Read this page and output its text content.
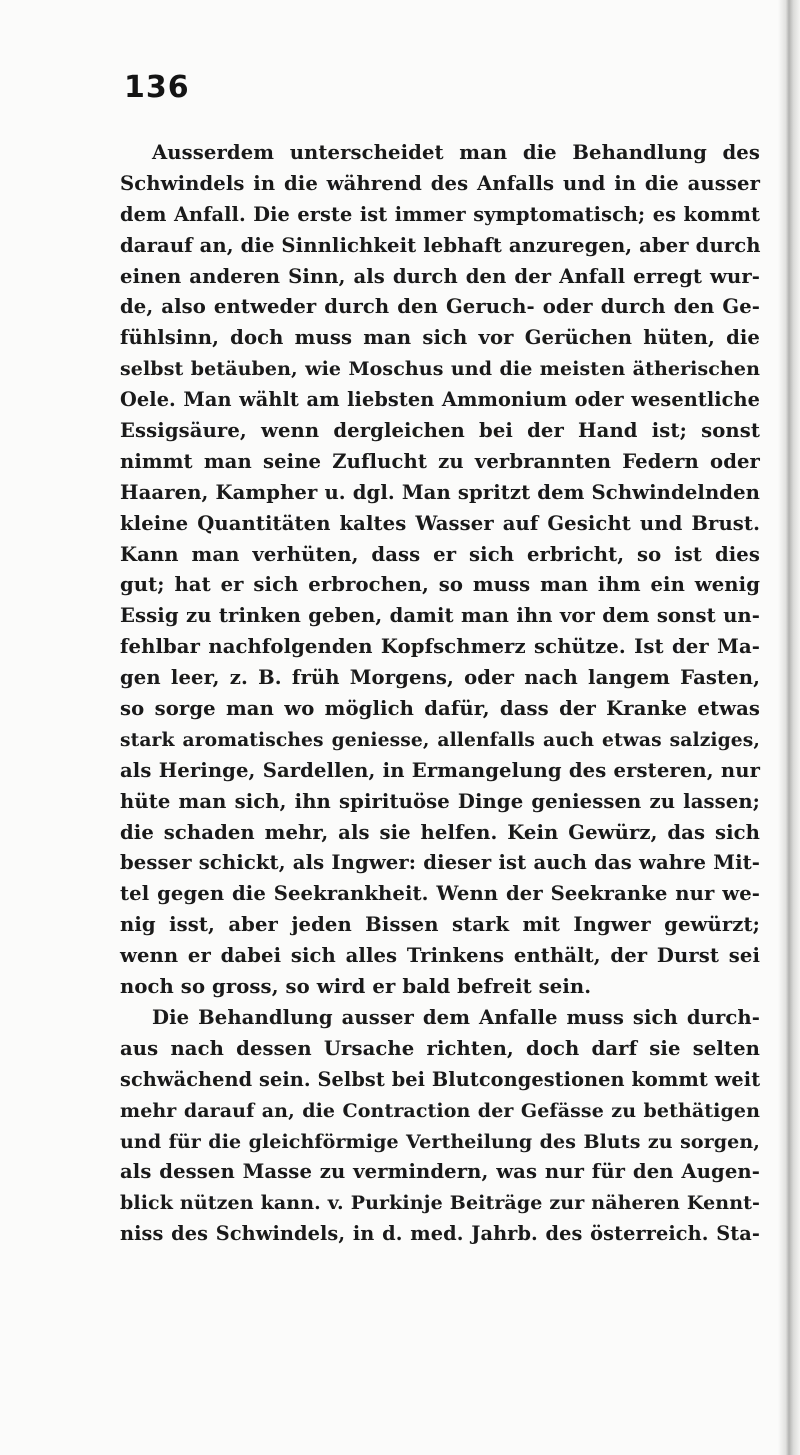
136
Ausserdem unterscheidet man die Behandlung des
Schwindels in die während des Anfalls und in die ausser
dem Anfall. Die erste ist immer symptomatisch; es kommt
darauf an, die Sinnlichkeit lebhaft anzuregen, aber durch
einen anderen Sinn, als durch den der Anfall erregt wur-
de, also entweder durch den Geruch- oder durch den Ge-
fühlsinn, doch muss man sich vor Gerüchen hüten, die
selbst betäuben, wie Moschus und die meisten ätherischen
Oele. Man wählt am liebsten Ammonium oder wesentliche
Essigsäure, wenn dergleichen bei der Hand ist; sonst
nimmt man seine Zuflucht zu verbrannten Federn oder
Haaren, Kampher u. dgl. Man spritzt dem Schwindelnden
kleine Quantitäten kaltes Wasser auf Gesicht und Brust.
Kann man verhüten, dass er sich erbricht, so ist dies
gut; hat er sich erbrochen, so muss man ihm ein wenig
Essig zu trinken geben, damit man ihn vor dem sonst un-
fehlbar nachfolgenden Kopfschmerz schütze. Ist der Ma-
gen leer, z. B. früh Morgens, oder nach langem Fasten,
so sorge man wo möglich dafür, dass der Kranke etwas
stark aromatisches geniesse, allenfalls auch etwas salziges,
als Heringe, Sardellen, in Ermangelung des ersteren, nur
hüte man sich, ihn spirituöse Dinge geniessen zu lassen;
die schaden mehr, als sie helfen. Kein Gewürz, das sich
besser schickt, als Ingwer: dieser ist auch das wahre Mit-
tel gegen die Seekrankheit. Wenn der Seekranke nur we-
nig isst, aber jeden Bissen stark mit Ingwer gewürzt;
wenn er dabei sich alles Trinkens enthält, der Durst sei
noch so gross, so wird er bald befreit sein.
Die Behandlung ausser dem Anfalle muss sich durch-
aus nach dessen Ursache richten, doch darf sie selten
schwächend sein. Selbst bei Blutcongestionen kommt weit
mehr darauf an, die Contraction der Gefässe zu bethätigen
und für die gleichförmige Vertheilung des Bluts zu sorgen,
als dessen Masse zu vermindern, was nur für den Augen-
blick nützen kann. v. Purkinje Beiträge zur näheren Kennt-
niss des Schwindels, in d. med. Jahrb. des österreich. Sta-
